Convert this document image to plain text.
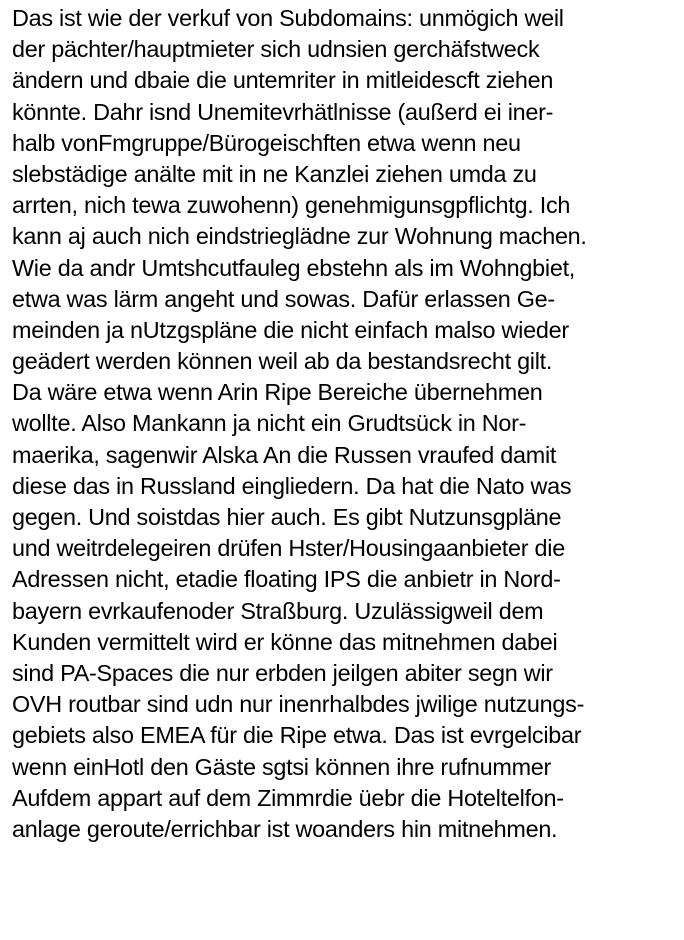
Das ist wie der verkuf von Subdomains: unmögich weil
der pächter/hauptmieter sich udnsien gerchäfstweck
ändern und dbaie die untemriter in mitleidescft ziehen
könnte. Dahr isnd Unemitevrhätlnisse (außerd ei iner-
halb vonFmgruppe/Bürogeischften etwa wenn neu
slebstädige anälte mit in ne Kanzlei ziehen umda zu
arrten, nich tewa zuwohenn) genehmigunsgpflichtg. Ich
kann aj auch nich eindstrieglädne zur Wohnung machen.
Wie da andr Umtshcutfauleg ebstehn als im Wohngbiet,
etwa was lärm angeht und sowas. Dafür erlassen Ge-
meinden ja nUtzgspläne die nicht einfach malso wieder
geädert werden können weil ab da bestandsrecht gilt.
Da wäre etwa wenn Arin Ripe Bereiche übernehmen
wollte. Also Mankann ja nicht ein Grudtsück in Nor-
maerika, sagenwir Alska An die Russen vraufed damit
diese das in Russland eingliedern. Da hat die Nato was
gegen. Und soistdas hier auch. Es gibt Nutzunsgpläne
und weitrdelegeiren drüfen Hster/Housingaanbieter die
Adressen nicht, etadie floating IPS die anbietr in Nord-
bayern evrkaufenoder Straßburg. Uzulässigweil dem
Kunden vermittelt wird er könne das mitnehmen dabei
sind PA-Spaces die nur erbden jeilgen abiter segn wir
OVH routbar sind udn nur inenrhalbdes jwilige nutzungs-
gebiets also EMEA für die Ripe etwa. Das ist evrgelcibar
wenn einHotl den Gäste sgtsi können ihre rufnummer
Aufdem appart auf dem Zimmrdie üebr die Hoteltelfon-
anlage geroute/errichbar ist woanders hin mitnehmen.
